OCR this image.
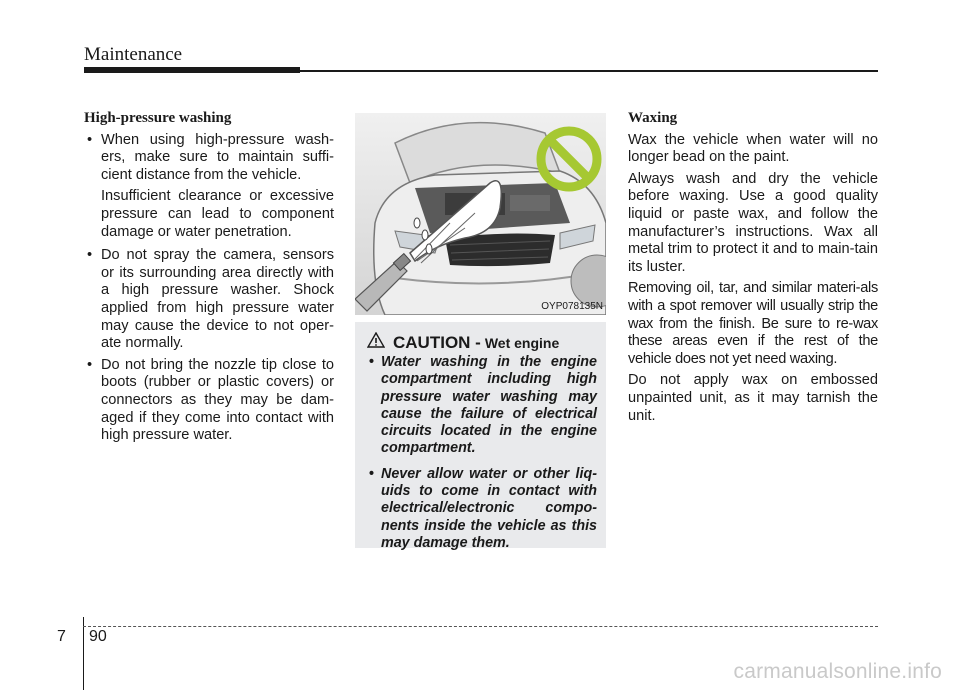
Maintenance
High-pressure washing
• When using high-pressure wash-ers, make sure to maintain suffi-cient distance from the vehicle.
Insufficient clearance or excessive pressure can lead to component damage or water penetration.
• Do not spray the camera, sensors or its surrounding area directly with a high pressure washer. Shock applied from high pressure water may cause the device to not oper-ate normally.
• Do not bring the nozzle tip close to boots (rubber or plastic covers) or connectors as they may be dam-aged if they come into contact with high pressure water.
OYP078135N
CAUTION - Wet engine
• Water washing in the engine compartment including high pressure water washing may cause the failure of electrical circuits located in the engine compartment.
• Never allow water or other liq-uids to come in contact with electrical/electronic compo-nents inside the vehicle as this may damage them.
Waxing
Wax the vehicle when water will no longer bead on the paint.
Always wash and dry the vehicle before waxing. Use a good quality liquid or paste wax, and follow the manufacturer’s instructions. Wax all metal trim to protect it and to main-tain its luster.
Removing oil, tar, and similar materi-als with a spot remover will usually strip the wax from the finish. Be sure to re-wax these areas even if the rest of the vehicle does not yet need waxing.
Do not apply wax on embossed unpainted unit, as it may tarnish the unit.
7 90
carmanualsonline.info
